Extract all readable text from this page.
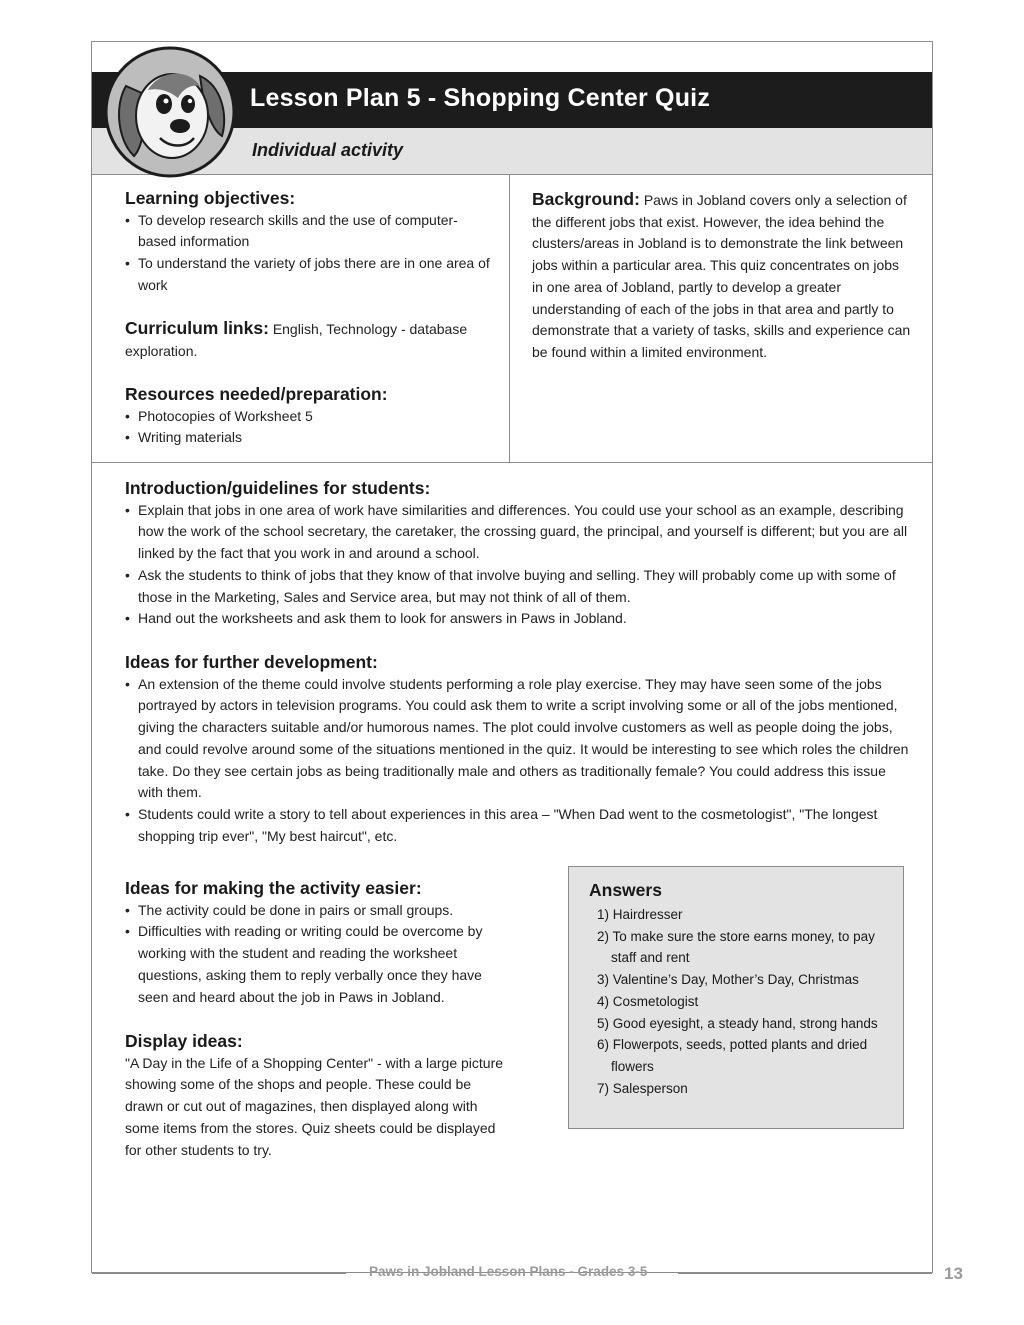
Lesson Plan 5 - Shopping Center Quiz
Individual activity
Learning objectives:
• To develop research skills and the use of computer-based information
• To understand the variety of jobs there are in one area of work
Curriculum links: English, Technology - database exploration.
Resources needed/preparation:
• Photocopies of Worksheet 5
• Writing materials
Background: Paws in Jobland covers only a selection of the different jobs that exist. However, the idea behind the clusters/areas in Jobland is to demonstrate the link between jobs within a particular area. This quiz concentrates on jobs in one area of Jobland, partly to develop a greater understanding of each of the jobs in that area and partly to demonstrate that a variety of tasks, skills and experience can be found within a limited environment.
Introduction/guidelines for students:
• Explain that jobs in one area of work have similarities and differences. You could use your school as an example, describing how the work of the school secretary, the caretaker, the crossing guard, the principal, and yourself is different; but you are all linked by the fact that you work in and around a school.
• Ask the students to think of jobs that they know of that involve buying and selling. They will probably come up with some of those in the Marketing, Sales and Service area, but may not think of all of them.
• Hand out the worksheets and ask them to look for answers in Paws in Jobland.
Ideas for further development:
• An extension of the theme could involve students performing a role play exercise. They may have seen some of the jobs portrayed by actors in television programs. You could ask them to write a script involving some or all of the jobs mentioned, giving the characters suitable and/or humorous names. The plot could involve customers as well as people doing the jobs, and could revolve around some of the situations mentioned in the quiz. It would be interesting to see which roles the children take. Do they see certain jobs as being traditionally male and others as traditionally female? You could address this issue with them.
• Students could write a story to tell about experiences in this area – "When Dad went to the cosmetologist", "The longest shopping trip ever", "My best haircut", etc.
Ideas for making the activity easier:
• The activity could be done in pairs or small groups.
• Difficulties with reading or writing could be overcome by working with the student and reading the worksheet questions, asking them to reply verbally once they have seen and heard about the job in Paws in Jobland.
Display ideas:

"A Day in the Life of a Shopping Center" - with a large picture showing some of the shops and people. These could be drawn or cut out of magazines, then displayed along with some items from the stores. Quiz sheets could be displayed for other students to try.

Answers
1) Hairdresser
2) To make sure the store earns money, to pay staff and rent
3) Valentine’s Day, Mother’s Day, Christmas
4) Cosmetologist
5) Good eyesight, a steady hand, strong hands
6) Flowerpots, seeds, potted plants and dried flowers
7) Salesperson
Paws in Jobland Lesson Plans - Grades 3-5	13
